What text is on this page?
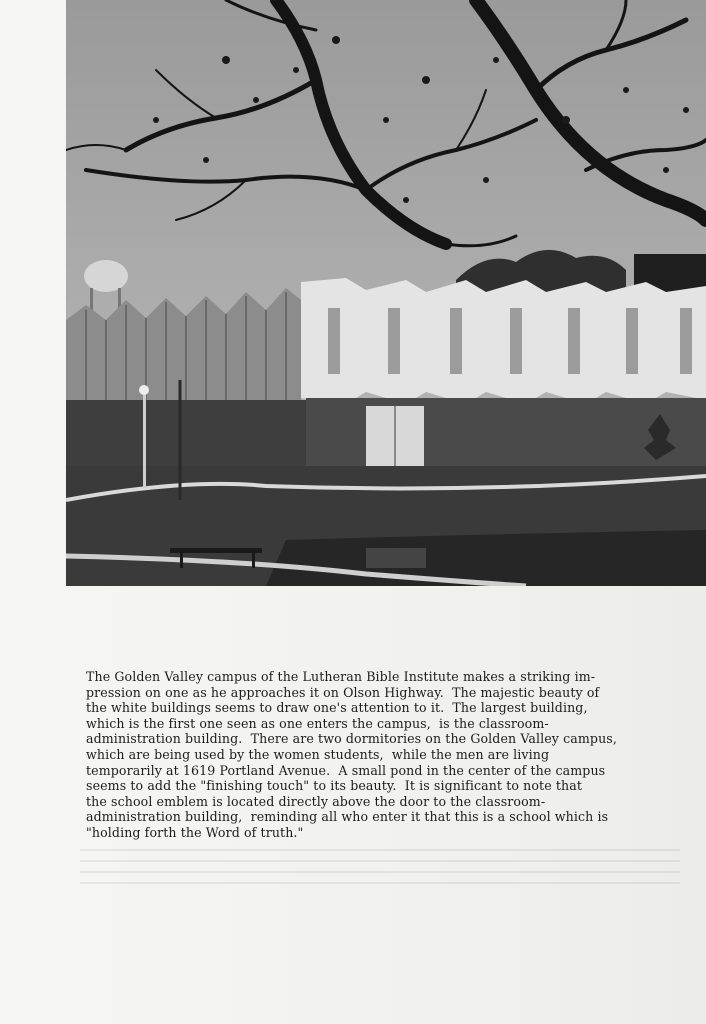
The Golden Valley campus of the Lutheran Bible Institute makes a striking im-
pression on one as he approaches it on Olson Highway.  The majestic beauty of
the white buildings seems to draw one's attention to it.  The largest building,
which is the first one seen as one enters the campus,  is the classroom-
administration building.  There are two dormitories on the Golden Valley campus,
which are being used by the women students,  while the men are living
temporarily at 1619 Portland Avenue.  A small pond in the center of the campus
seems to add the "finishing touch" to its beauty.  It is significant to note that
the school emblem is located directly above the door to the classroom-
administration building,  reminding all who enter it that this is a school which is
"holding forth the Word of truth."
